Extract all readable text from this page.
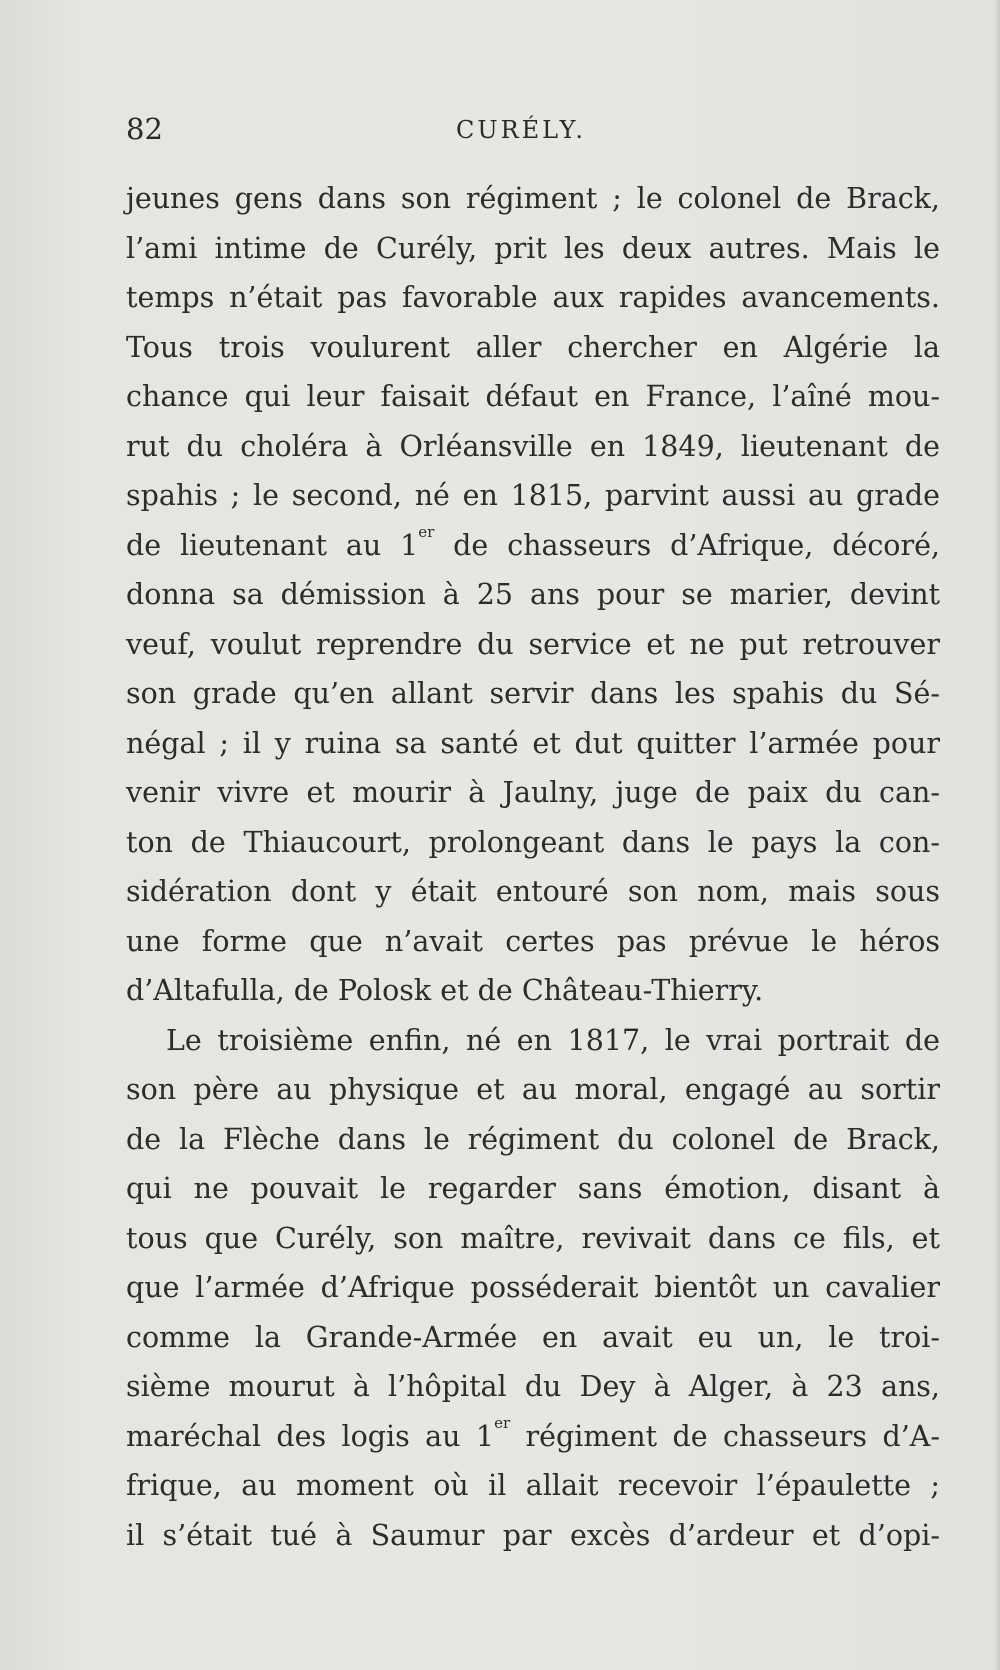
82	CURÉLY.
jeunes gens dans son régiment ; le colonel de Brack,
l’ami intime de Curély, prit les deux autres. Mais le
temps n’était pas favorable aux rapides avancements.
Tous trois voulurent aller chercher en Algérie la
chance qui leur faisait défaut en France, l’aîné mou-
rut du choléra à Orléansville en 1849, lieutenant de
spahis ; le second, né en 1815, parvint aussi au grade
de lieutenant au 1er de chasseurs d’Afrique, décoré,
donna sa démission à 25 ans pour se marier, devint
veuf, voulut reprendre du service et ne put retrouver
son grade qu’en allant servir dans les spahis du Sé-
négal ; il y ruina sa santé et dut quitter l’armée pour
venir vivre et mourir à Jaulny, juge de paix du can-
ton de Thiaucourt, prolongeant dans le pays la con-
sidération dont y était entouré son nom, mais sous
une forme que n’avait certes pas prévue le héros
d’Altafulla, de Polosk et de Château-Thierry.
Le troisième enfin, né en 1817, le vrai portrait de
son père au physique et au moral, engagé au sortir
de la Flèche dans le régiment du colonel de Brack,
qui ne pouvait le regarder sans émotion, disant à
tous que Curély, son maître, revivait dans ce fils, et
que l’armée d’Afrique posséderait bientôt un cavalier
comme la Grande-Armée en avait eu un, le troi-
sième mourut à l’hôpital du Dey à Alger, à 23 ans,
maréchal des logis au 1er régiment de chasseurs d’A-
frique, au moment où il allait recevoir l’épaulette ;
il s’était tué à Saumur par excès d’ardeur et d’opi-
